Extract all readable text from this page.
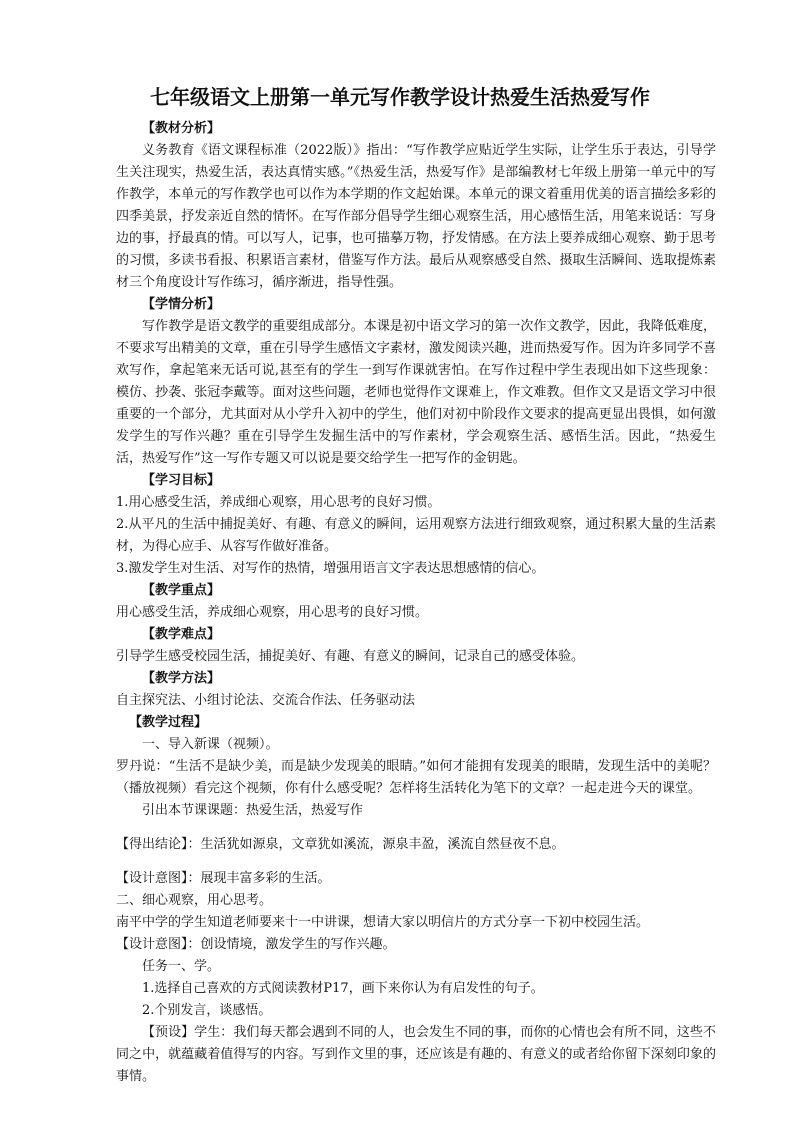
七年级语文上册第一单元写作教学设计热爱生活热爱写作

【教材分析】

义务教育《语文课程标准（2022版）》指出：“写作教学应贴近学生实际，让学生乐于表达，引导学生关注现实，热爱生活，表达真情实感。”《热爱生活，热爱写作》是部编教材七年级上册第一单元中的写作教学，本单元的写作教学也可以作为本学期的作文起始课。本单元的课文着重用优美的语言描绘多彩的四季美景，抒发亲近自然的情怀。在写作部分倡导学生细心观察生活，用心感悟生活，用笔来说话：写身边的事，抒最真的情。可以写人，记事，也可描摹万物，抒发情感。在方法上要养成细心观察、勤于思考的习惯，多读书看报、积累语言素材，借鉴写作方法。最后从观察感受自然、摄取生活瞬间、选取提炼素材三个角度设计写作练习，循序渐进，指导性强。

【学情分析】

写作教学是语文教学的重要组成部分。本课是初中语文学习的第一次作文教学，因此，我降低难度，不要求写出精美的文章，重在引导学生感悟文字素材，激发阅读兴趣，进而热爱写作。因为许多同学不喜欢写作，拿起笔来无话可说,甚至有的学生一到写作课就害怕。在写作过程中学生表现出如下这些现象：模仿、抄袭、张冠李戴等。面对这些问题，老师也觉得作文课难上，作文难教。但作文又是语文学习中很重要的一个部分，尤其面对从小学升入初中的学生，他们对初中阶段作文要求的提高更显出畏惧，如何激发学生的写作兴趣？重在引导学生发掘生活中的写作素材，学会观察生活、感悟生活。因此，“热爱生活，热爱写作”这一写作专题又可以说是要交给学生一把写作的金钥匙。

【学习目标】

1.用心感受生活，养成细心观察，用心思考的良好习惯。

2.从平凡的生活中捕捉美好、有趣、有意义的瞬间，运用观察方法进行细致观察，通过积累大量的生活素材，为得心应手、从容写作做好准备。

3.激发学生对生活、对写作的热情，增强用语言文字表达思想感情的信心。

【教学重点】

用心感受生活，养成细心观察，用心思考的良好习惯。

【教学难点】

引导学生感受校园生活，捕捉美好、有趣、有意义的瞬间，记录自己的感受体验。

【教学方法】

自主探究法、小组讨论法、交流合作法、任务驱动法

【教学过程】

一、导入新课（视频）。

罗丹说：“生活不是缺少美，而是缺少发现美的眼睛。”如何才能拥有发现美的眼睛，发现生活中的美呢？（播放视频）看完这个视频，你有什么感受呢？怎样将生活转化为笔下的文章？一起走进今天的课堂。

引出本节课课题：热爱生活，热爱写作

【得出结论】：生活犹如源泉，文章犹如溪流，源泉丰盈，溪流自然昼夜不息。

【设计意图】：展现丰富多彩的生活。

二、细心观察，用心思考。

南平中学的学生知道老师要来十一中讲课，想请大家以明信片的方式分享一下初中校园生活。

【设计意图】：创设情境，激发学生的写作兴趣。

任务一、学。

1.选择自己喜欢的方式阅读教材P17，画下来你认为有启发性的句子。

2.个别发言，谈感悟。

【预设】学生：我们每天都会遇到不同的人，也会发生不同的事，而你的心情也会有所不同，这些不同之中，就蕴藏着值得写的内容。写到作文里的事，还应该是有趣的、有意义的或者给你留下深刻印象的事情。
